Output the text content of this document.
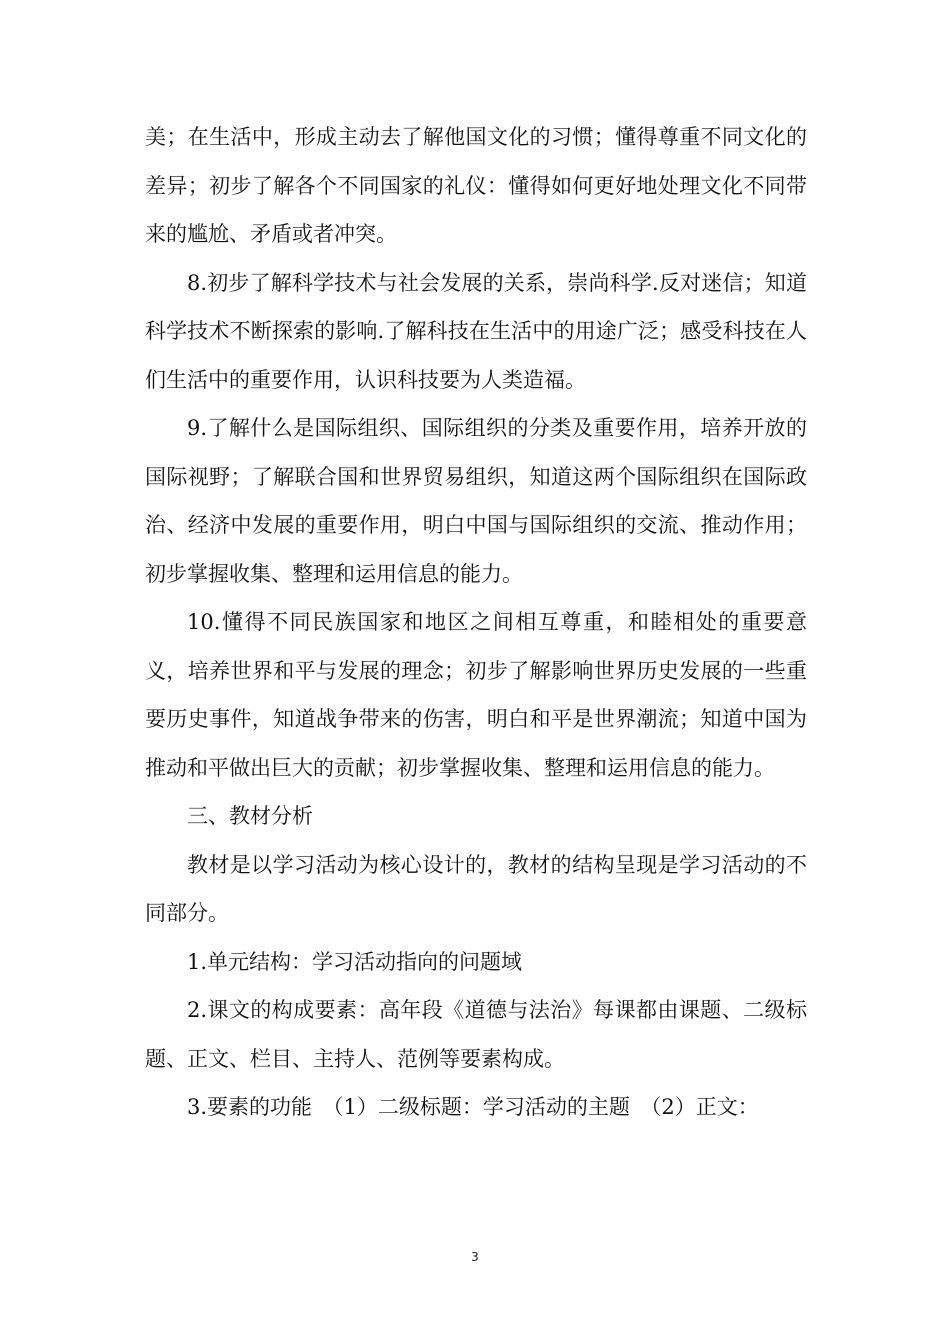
美；在生活中，形成主动去了解他国文化的习惯；懂得尊重不同文化的差异；初步了解各个不同国家的礼仪：懂得如何更好地处理文化不同带来的尴尬、矛盾或者冲突。

8.初步了解科学技术与社会发展的关系，崇尚科学.反对迷信；知道科学技术不断探索的影响.了解科技在生活中的用途广泛；感受科技在人们生活中的重要作用，认识科技要为人类造福。

9.了解什么是国际组织、国际组织的分类及重要作用，培养开放的国际视野；了解联合国和世界贸易组织，知道这两个国际组织在国际政治、经济中发展的重要作用，明白中国与国际组织的交流、推动作用；初步掌握收集、整理和运用信息的能力。

10.懂得不同民族国家和地区之间相互尊重，和睦相处的重要意义，培养世界和平与发展的理念；初步了解影响世界历史发展的一些重要历史事件，知道战争带来的伤害，明白和平是世界潮流；知道中国为推动和平做出巨大的贡献；初步掌握收集、整理和运用信息的能力。

三、教材分析

教材是以学习活动为核心设计的，教材的结构呈现是学习活动的不同部分。

1.单元结构：学习活动指向的问题域

2.课文的构成要素：高年段《道德与法治》每课都由课题、二级标题、正文、栏目、主持人、范例等要素构成。

3.要素的功能　（1）二级标题：学习活动的主题　（2）正文：

3
